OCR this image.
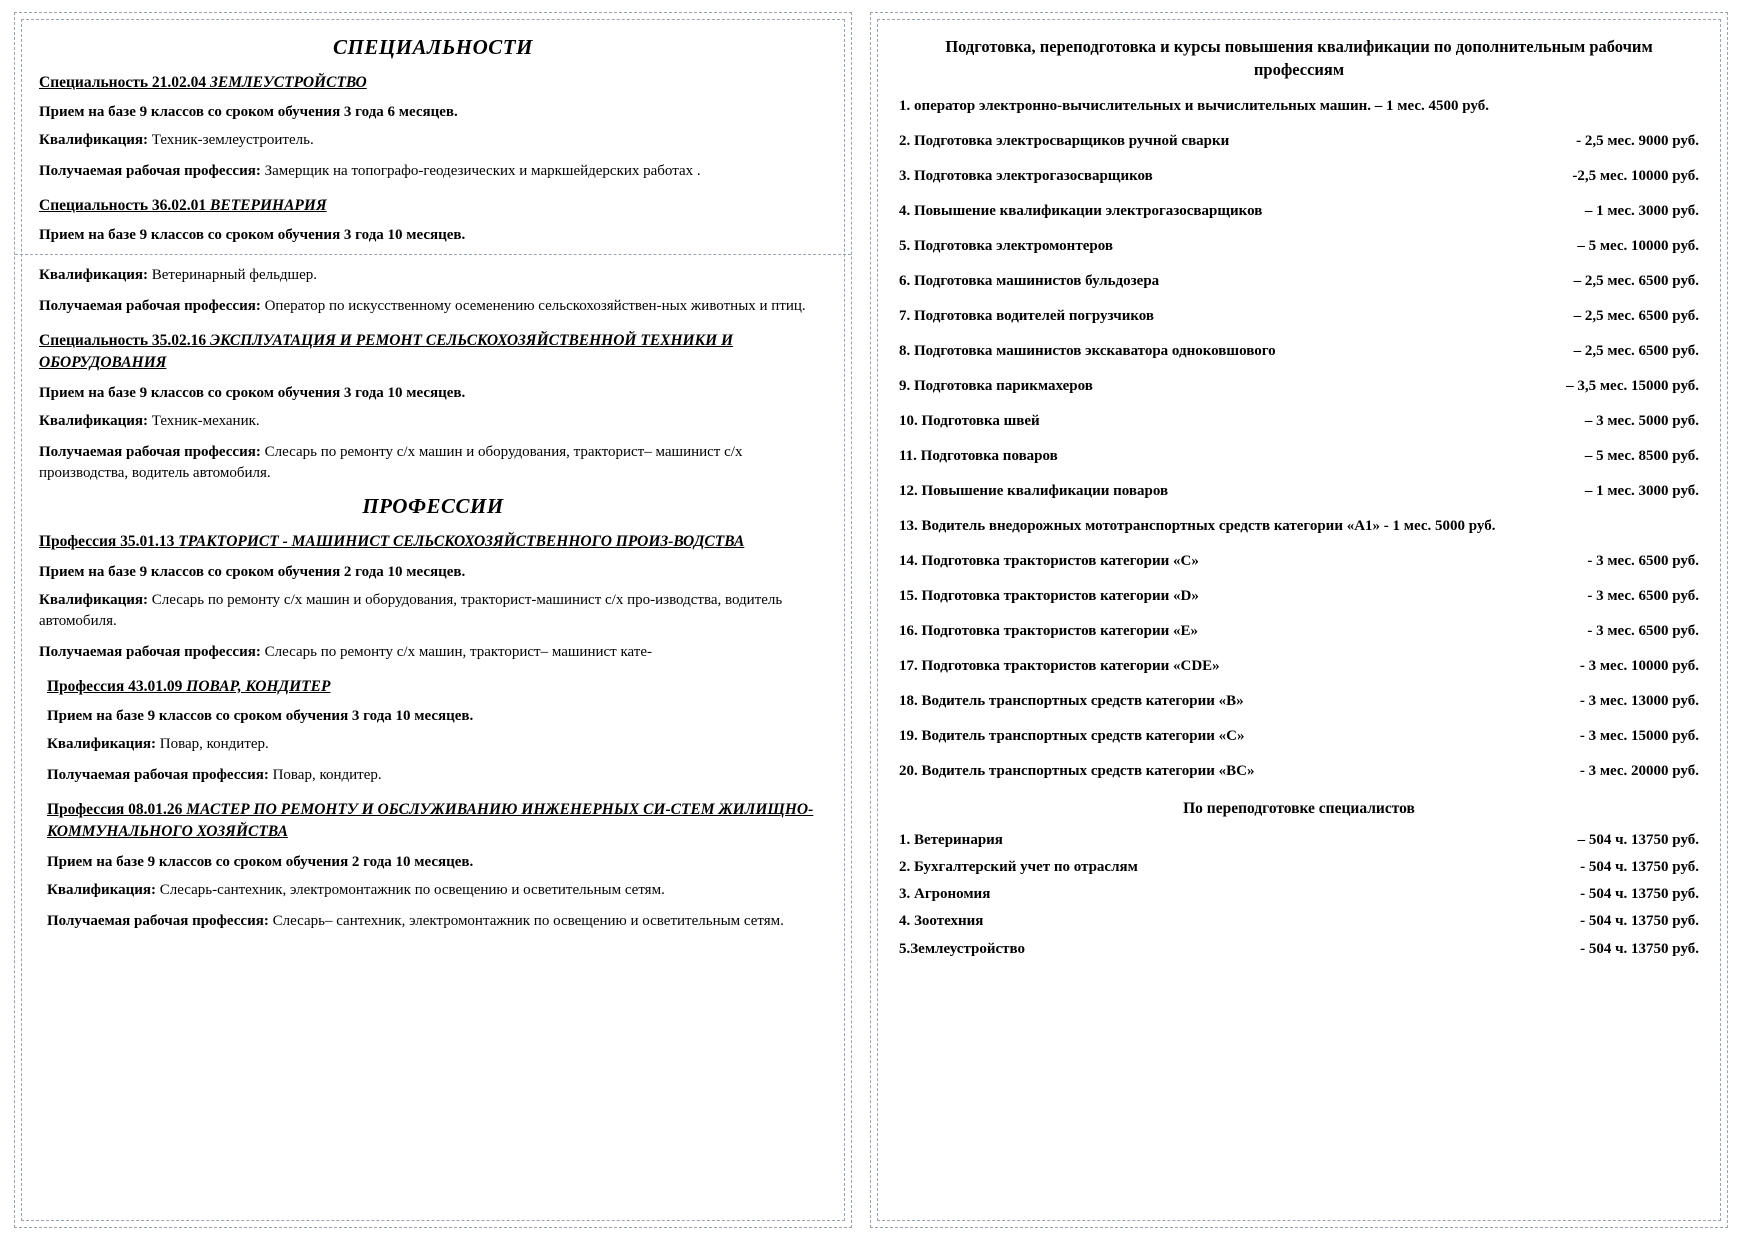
СПЕЦИАЛЬНОСТИ
Специальность 21.02.04 ЗЕМЛЕУСТРОЙСТВО
Прием на базе 9 классов со сроком обучения 3 года 6 месяцев.
Квалификация: Техник-землеустроитель.
Получаемая рабочая профессия: Замерщик на топографо-геодезических и маркшейдерских работах .
Специальность 36.02.01 ВЕТЕРИНАРИЯ
Прием на базе 9 классов со сроком обучения 3 года 10 месяцев.
Квалификация: Ветеринарный фельдшер.
Получаемая рабочая профессия: Оператор по искусственному осеменению сельскохозяйствен-ных животных и птиц.
Специальность 35.02.16 ЭКСПЛУАТАЦИЯ И РЕМОНТ СЕЛЬСКОХОЗЯЙСТВЕННОЙ ТЕХНИКИ И ОБОРУДОВАНИЯ
Прием на базе 9 классов со сроком обучения 3 года 10 месяцев.
Квалификация: Техник-механик.
Получаемая рабочая профессия: Слесарь по ремонту с/х машин и оборудования, тракторист– машинист с/х производства, водитель автомобиля.
ПРОФЕССИИ
Профессия 35.01.13 ТРАКТОРИСТ - МАШИНИСТ СЕЛЬСКОХОЗЯЙСТВЕННОГО ПРОИЗ-ВОДСТВА
Прием на базе 9 классов со сроком обучения 2 года 10 месяцев.
Квалификация: Слесарь по ремонту с/х машин и оборудования, тракторист-машинист с/х про-изводства, водитель автомобиля.
Получаемая рабочая профессия: Слесарь по ремонту с/х машин, тракторист– машинист кате-
Профессия 43.01.09 ПОВАР, КОНДИТЕР
Прием на базе 9 классов со сроком обучения 3 года 10 месяцев.
Квалификация: Повар, кондитер.
Получаемая рабочая профессия: Повар, кондитер.
Профессия 08.01.26 МАСТЕР ПО РЕМОНТУ И ОБСЛУЖИВАНИЮ ИНЖЕНЕРНЫХ СИ-СТЕМ ЖИЛИЩНО-КОММУНАЛЬНОГО ХОЗЯЙСТВА
Прием на базе 9 классов со сроком обучения 2 года 10 месяцев.
Квалификация: Слесарь-сантехник, электромонтажник по освещению и осветительным сетям.
Получаемая рабочая профессия: Слесарь– сантехник, электромонтажник по освещению и осветительным сетям.
Подготовка, переподготовка и курсы повышения квалификации по дополнительным рабочим профессиям
1. оператор электронно-вычислительных и вычислительных машин. – 1 мес. 4500 руб.
2. Подготовка электросварщиков ручной сварки	- 2,5 мес. 9000 руб.
3. Подготовка электрогазосварщиков	-2,5 мес. 10000 руб.
4. Повышение квалификации электрогазосварщиков	– 1 мес. 3000 руб.
5. Подготовка электромонтеров	– 5 мес. 10000 руб.
6. Подготовка машинистов бульдозера	– 2,5 мес. 6500 руб.
7. Подготовка водителей погрузчиков	– 2,5 мес. 6500 руб.
8. Подготовка машинистов экскаватора одноковшового	– 2,5 мес. 6500 руб.
9. Подготовка парикмахеров	– 3,5 мес. 15000 руб.
10. Подготовка швей	– 3 мес. 5000 руб.
11. Подготовка поваров	– 5 мес. 8500 руб.
12. Повышение квалификации поваров	– 1 мес. 3000 руб.
13. Водитель внедорожных мототранспортных средств категории «А1» - 1 мес. 5000 руб.
14. Подготовка трактористов категории «С»	- 3 мес. 6500 руб.
15. Подготовка трактористов категории «D»	- 3 мес. 6500 руб.
16. Подготовка трактористов категории «Е»	- 3 мес. 6500 руб.
17. Подготовка трактористов категории «CDE»	- 3 мес. 10000 руб.
18. Водитель транспортных средств категории «В»	- 3 мес. 13000 руб.
19. Водитель транспортных средств категории «С»	- 3 мес. 15000 руб.
20. Водитель транспортных средств категории «ВС»	- 3 мес. 20000 руб.
По переподготовке специалистов
1. Ветеринария	– 504 ч. 13750 руб.
2. Бухгалтерский учет по отраслям	- 504 ч. 13750 руб.
3. Агрономия	- 504 ч. 13750 руб.
4. Зоотехния	- 504 ч. 13750 руб.
5.Землеустройство	- 504 ч. 13750 руб.
